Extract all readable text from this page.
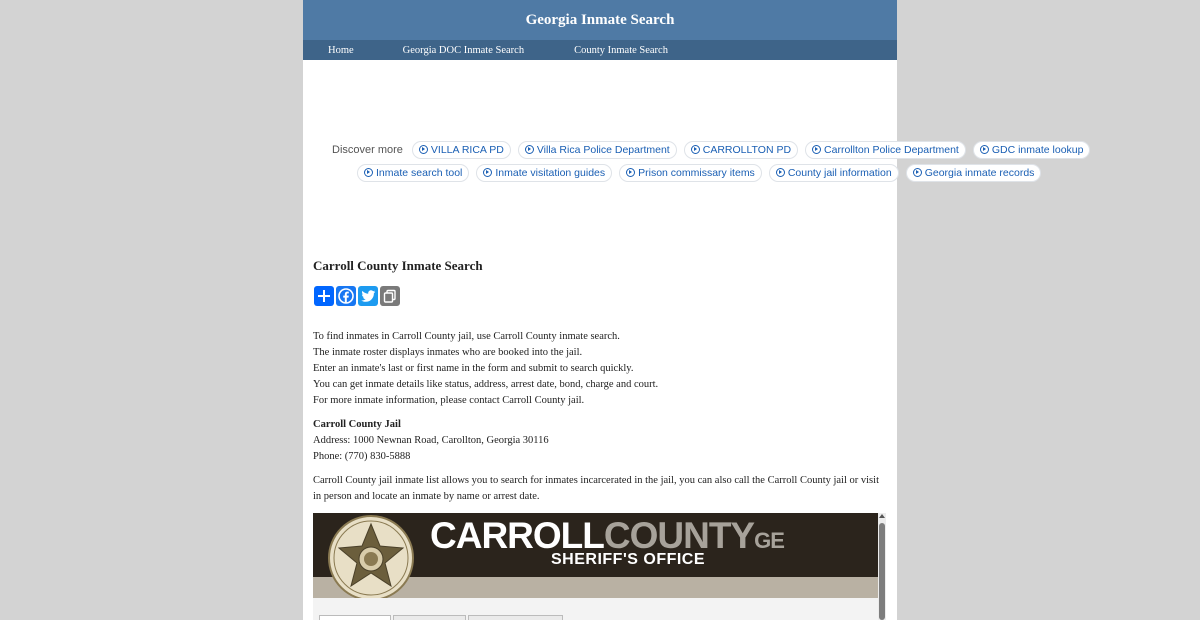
Georgia Inmate Search
Home	Georgia DOC Inmate Search	County Inmate Search
Discover more	VILLA RICA PD	Villa Rica Police Department	CARROLLTON PD	Carrollton Police Department	GDC inmate lookup
Inmate search tool	Inmate visitation guides	Prison commissary items	County jail information	Georgia inmate records
Carroll County Inmate Search
To find inmates in Carroll County jail, use Carroll County inmate search.
The inmate roster displays inmates who are booked into the jail.
Enter an inmate's last or first name in the form and submit to search quickly.
You can get inmate details like status, address, arrest date, bond, charge and court.
For more inmate information, please contact Carroll County jail.
Carroll County Jail
Address: 1000 Newnan Road, Carollton, Georgia 30116
Phone: (770) 830-5888
Carroll County jail inmate list allows you to search for inmates incarcerated in the jail, you can also call the Carroll County jail or visit in person and locate an inmate by name or arrest date.
CARROLLCOUNTYGE
SHERIFF'S OFFICE
